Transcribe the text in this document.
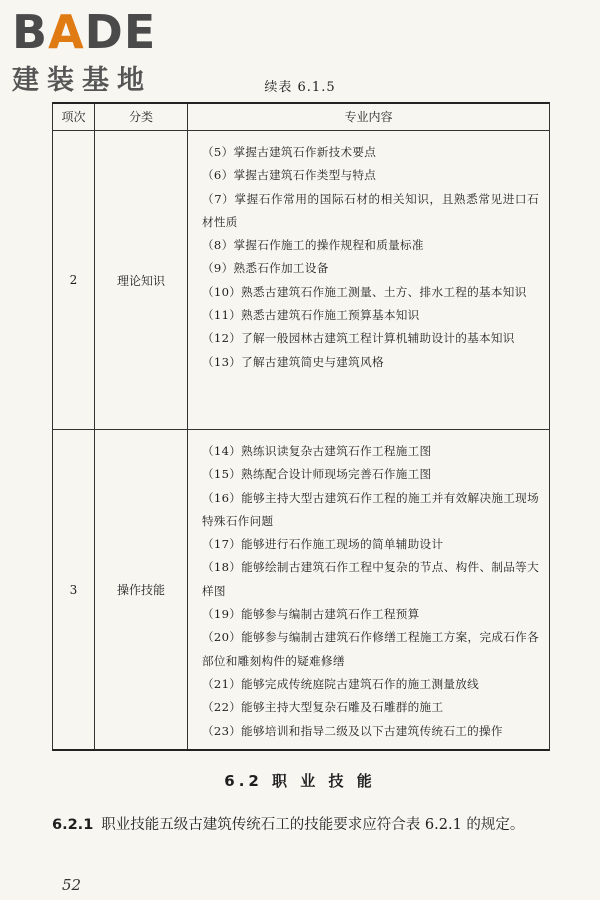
BADE
建装基地	续表 6.1.5
项次	分类	专业内容
2	理论知识
（5）掌握古建筑石作新技术要点
（6）掌握古建筑石作类型与特点
（7）掌握石作常用的国际石材的相关知识，且熟悉常见进口石材性质
（8）掌握石作施工的操作规程和质量标准
（9）熟悉石作加工设备
（10）熟悉古建筑石作施工测量、土方、排水工程的基本知识
（11）熟悉古建筑石作施工预算基本知识
（12）了解一般园林古建筑工程计算机辅助设计的基本知识
（13）了解古建筑简史与建筑风格
3	操作技能
（14）熟练识读复杂古建筑石作工程施工图
（15）熟练配合设计师现场完善石作施工图
（16）能够主持大型古建筑石作工程的施工并有效解决施工现场特殊石作问题
（17）能够进行石作施工现场的简单辅助设计
（18）能够绘制古建筑石作工程中复杂的节点、构件、制品等大样图
（19）能够参与编制古建筑石作工程预算
（20）能够参与编制古建筑石作修缮工程施工方案，完成石作各部位和雕刻构件的疑难修缮
（21）能够完成传统庭院古建筑石作的施工测量放线
（22）能够主持大型复杂石雕及石雕群的施工
（23）能够培训和指导二级及以下古建筑传统石工的操作
6.2 职 业 技 能
6.2.1 职业技能五级古建筑传统石工的技能要求应符合表 6.2.1 的规定。
52
